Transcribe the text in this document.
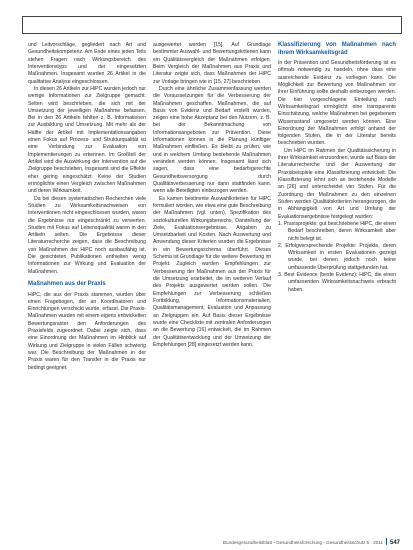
und Leitvorschläge, gegliedert nach Art und Gesundheitskompetenz. Am Ende eines jeden Teils stehen Fragen nach Wirkungsbereich des Interventionstyps und der eingesetzten Maßnahmen. Insgesamt wurden 26 Artikel in die qualitative Analyse eingeschlossen.

In diesen 26 Artikeln zur HiPC wurden jedoch nur wenige Informationen zur Zielgruppe gemacht. Selten wird beschrieben, die sich mit der Umsetzung der jeweiligen Maßnahme befassen. Bei in den 26 Artikeln fehlten z. B. Informationen zur Ausbildung und Umsetzung. Mit mehr als der Hälfte der Artikel mit Implementationsangaben einen Fokus auf Prozess- und Strukturqualität ist eine Verbindung zur Evaluation von Implementierungen zu erkennen. Im Großteil der Artikel wird die Auswirkung der Intervention auf die Zielgruppe beschrieben, insgesamt sind die Effekte eher gering eingeschätzt. Keine der Studien ermöglichte einen Vergleich zwischen Maßnahmen und deren Wirksamkeit.

Da bei diesen systematischen Recherchen viele Studien zu Wirksamkeitsnachweisen von Interventionen nicht eingeschlossen wurden, waren die Ergebnisse nur eingeschränkt zu verwerten. Studien mit Fokus auf Lebensqualität waren in den Artikeln selten. Die Ergebnisse dieser Literaturrecherche zeigen, dass die Beschreibung von Maßnahmen der HiPC noch ausbaufähig ist. Die gesichteten Publikationen enthielten wenig Informationen zur Wirkung und Evaluation der Maßnahmen.

Maßnahmen aus der Praxis

HiPC, die aus der Praxis stammen, wurden über einen Fragebogen, der an Koordinatoren und Einrichtungen verschickt wurde, erfasst. Die Praxis-Maßnahmen wurden mit einem eigens entwickelten Bewertungsraster den Anforderungen des Praxisfelds zugeordnet. Dabei zeigte sich, dass eine Einordnung der Maßnahmen im Hinblick auf Wirkung und Zielgruppe in vielen Fällen schwierig war. Die Beschreibung der Maßnahmen in der Praxis waren für den Transfer in die Praxis nur bedingt geeignet.

ausgewertet werden [15]. Auf Grundlage bestimmter Auswahl- und Bewertungskriterien kann ein Qualitätsvergleich der Maßnahmen erfolgen. Beim Vergleich der Maßnahmen aus Praxis und Literatur zeigte sich, dass Maßnahmen der HiPC zur Vorlage bringen wie in [15, 27] beschrieben.

Durch eine ähnliche Zusammenfassung werden die Voraussetzungen für die Verbesserung der Maßnahmen geschaffen. Maßnahmen, die auf Basis von Evidenz und Bedarf erstellt wurden, zeigen eine hohe Akzeptanz bei den Nutzern, z. B. bei der Bekanntmachung von Informationsangeboten zur Prävention. Diese Informationen können in die Planung künftiger Maßnahmen einfließen. Es bleibt zu prüfen, wie und in welchem Umfang bestehende Maßnahmen verändert werden können. Insgesamt lässt sich sagen, dass eine bedarfsgerechte Gesundheitsversorgung durch Qualitätsverbesserung nur dann stattfinden kann, wenn alle Beteiligten einbezogen werden.

Es kamen bestimmte Auswahlkriterien für HiPC formuliert worden, wie etwa eine gute Beschreibung der Maßnahmen (vgl. unten), Spezifikation des soziokulturellen Wirkungsbereichs, Darstellung der Ziele, Evaluationsergebnisse, Angaben zu Umsetzbarkeit und Kosten. Nach Auswertung und Anwendung dieser Kriterien wurden die Ergebnisse in ein Bewertungsschema überführt. Dieses Schema ist Grundlage für die weitere Bewertung im Projekt. Zugleich wurden Empfehlungen zur Verbesserung der Maßnahmen aus der Praxis für die Umsetzung erarbeitet, die im weiteren Verlauf des Projekts ausgewertet werden sollen. Die Empfehlungen zur Verbesserung schließen Fortbildung, Informationsmaterialien, Qualitätsmanagement, Evaluation und Anpassung an Zielgruppen ein. Auf Basis dieser Ergebnisse wurde eine Checkliste mit zentralen Anforderungen an die Bewertung [16] entwickelt, die im Rahmen der Qualitätsentwicklung und der Umsetzung der Empfehlungen [28] eingesetzt werden kann.

Klassifizierung von Maßnahmen nach ihrem Wirksamkeitsgrad

In der Prävention und Gesundheitsförderung ist es oftmals notwendig zu handeln, ohne dass eine ausreichende Evidenz zu vorliegen kann. Die Möglichkeit zur Bewertung von Maßnahmen vor ihrer Einführung sollte deshalb einbezogen werden. Die hier vorgeschlagene Einteilung nach Wirksamkeitsgrad ermöglicht eine transparente Einschätzung, welche Maßnahmen bei gegebenem Wissensstand umgesetzt werden können. Eine Einordnung der Maßnahmen erfolgt anhand der folgenden Stufen, die in der Literatur bereits beschrieben wurden.

Um HiPC im Rahmen der Qualitätssicherung in ihrer Wirksamkeit einzuordnen, wurde auf Basis der Literaturrecherche und der Auswertung der Praxisbeispiele eine Klassifizierung entwickelt. Die Klassifizierung lehnt sich an bestehende Modelle an [26] und unterscheidet vier Stufen. Für die Zuordnung der Maßnahmen zu den einzelnen Stufen werden Qualitätskriterien herangezogen, die in Abhängigkeit von Art und Umfang der Evaluationsergebnisse festgelegt wurden:

1. Praxisprojekte: gut beschriebene HiPC, die einen Bedarf beschreiben, deren Wirksamkeit aber nicht belegt ist.
2. Erfolgversprechende Projekte: Projekte, deren Wirksamkeit in ersten Evaluationen gezeigt wurde, bei denen jedoch noch keine umfassende Überprüfung stattgefunden hat.
3. Best Evidence (beste Evidenz): HiPC, die einen umfassenden Wirksamkeitsnachweis erbracht haben.
Bundesgesundheitsblatt - Gesundheitsforschung - Gesundheitsschutz 5 · 2011 547
